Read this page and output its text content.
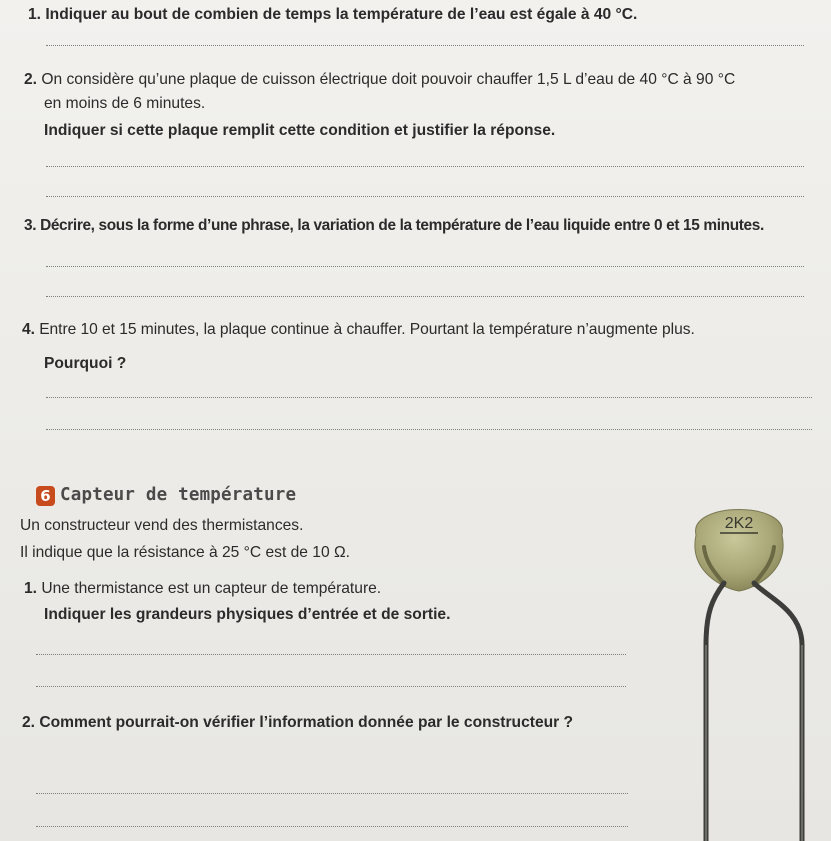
1. Indiquer au bout de combien de temps la température de l’eau est égale à 40 °C.
2. On considère qu’une plaque de cuisson électrique doit pouvoir chauffer 1,5 L d’eau de 40 °C à 90 °C
en moins de 6 minutes.
Indiquer si cette plaque remplit cette condition et justifier la réponse.
3. Décrire, sous la forme d’une phrase, la variation de la température de l’eau liquide entre 0 et 15 minutes.
4. Entre 10 et 15 minutes, la plaque continue à chauffer. Pourtant la température n’augmente plus.
Pourquoi ?
6 Capteur de température
Un constructeur vend des thermistances.
Il indique que la résistance à 25 °C est de 10 Ω.
1. Une thermistance est un capteur de température.
Indiquer les grandeurs physiques d’entrée et de sortie.
2. Comment pourrait-on vérifier l’information donnée par le constructeur ?
2K2
